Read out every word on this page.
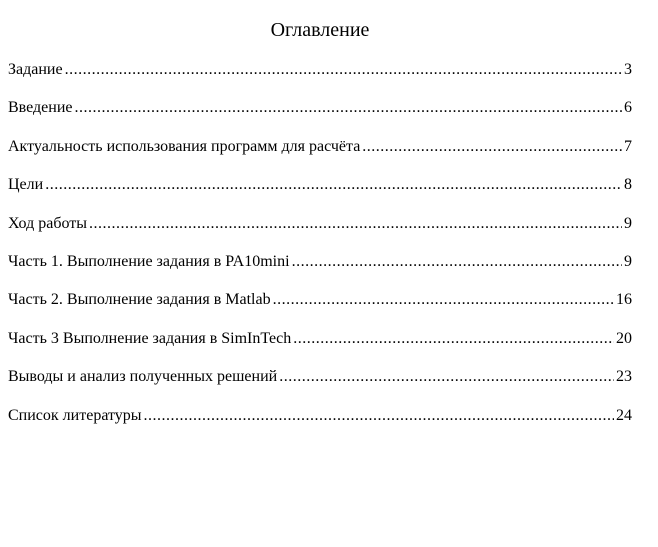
Оглавление
Задание .....	3
Введение .....	6
Актуальность использования программ для расчёта .....	7
Цели .....	8
Ход работы .....	9
Часть 1. Выполнение задания в PA10mini .....	9
Часть 2. Выполнение задания в Matlab .....	16
Часть 3 Выполнение задания в SimInTech .....	20
Выводы и анализ полученных решений .....	23
Список литературы .....	24
